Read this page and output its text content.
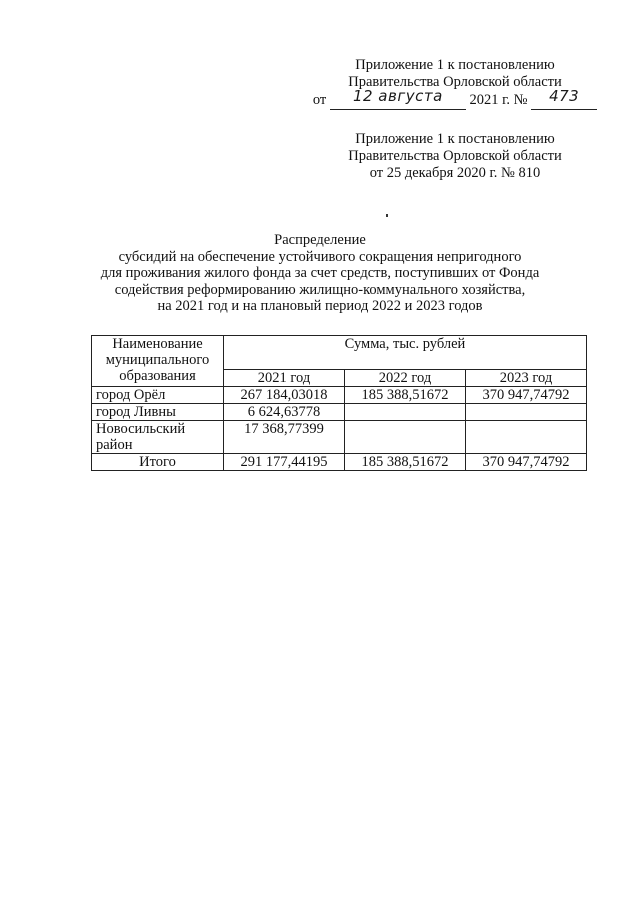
Приложение 1 к постановлению
Правительства Орловской области
от 12 августа 2021 г. № 473
Приложение 1 к постановлению
Правительства Орловской области
от 25 декабря 2020 г. № 810
Распределение
субсидий на обеспечение устойчивого сокращения непригодного
для проживания жилого фонда за счет средств, поступивших от Фонда
содействия реформированию жилищно-коммунального хозяйства,
на 2021 год и на плановый период 2022 и 2023 годов
Наименование муниципального образования	Сумма, тыс. рублей		
	2021 год	2022 год	2023 год
город Орёл	267 184,03018	185 388,51672	370 947,74792
город Ливны	6 624,63778		
Новосильский район	17 368,77399		
Итого	291 177,44195	185 388,51672	370 947,74792
